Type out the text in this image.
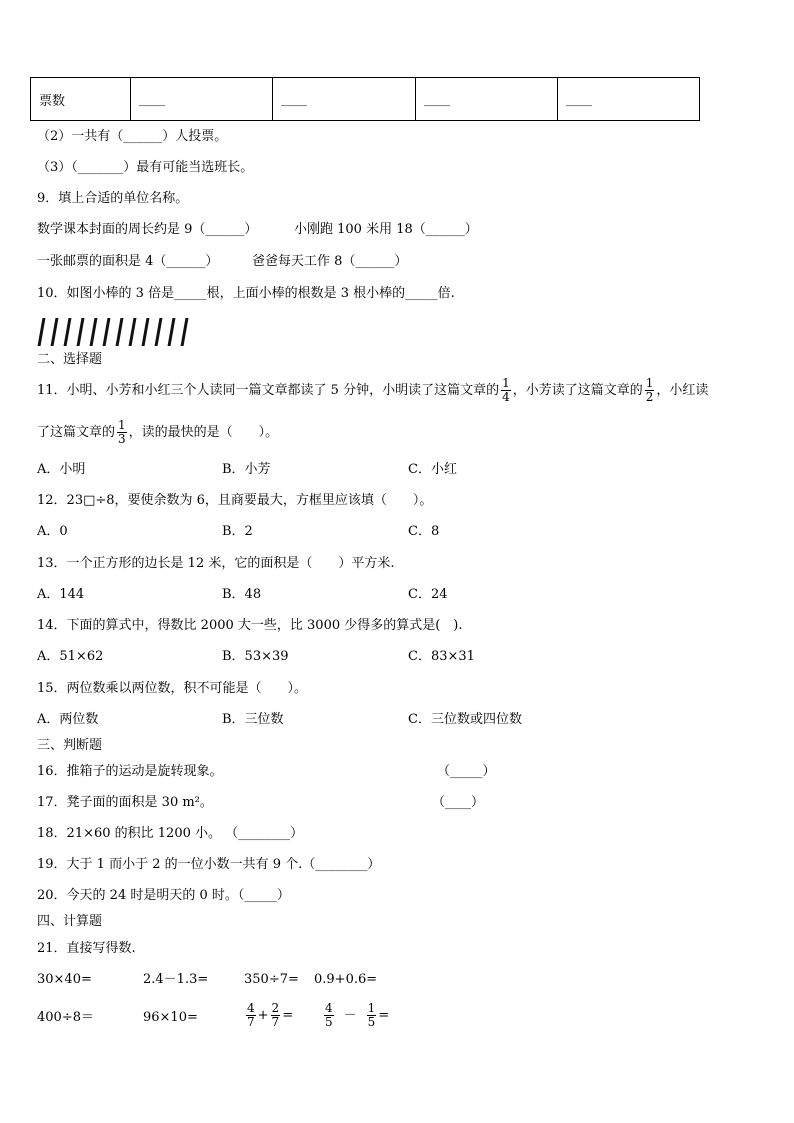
票数	____	____	____	____
（2）一共有（______）人投票。
（3）（_______）最有可能当选班长。
9．填上合适的单位名称。
数学课本封面的周长约是 9（______）	小刚跑 100 米用 18（______）
一张邮票的面积是 4（______）	爸爸每天工作 8（______）
10．如图小棒的 3 倍是_____根，上面小棒的根数是 3 根小棒的_____倍.
二、选择题
11．小明、小芳和小红三个人读同一篇文章都读了 5 分钟，小明读了这篇文章的 $\frac{1}{4}$ ，小芳读了这篇文章的 $\frac{1}{2}$ ，小红读
了这篇文章的 $\frac{1}{3}$ ，读的最快的是（　　）。
A．小明	B．小芳	C．小红
12．23□÷8，要使余数为 6，且商要最大，方框里应该填（　　）。
A．0	B．2	C．8
13．一个正方形的边长是 12 米，它的面积是（　　）平方米.
A．144	B．48	C．24
14．下面的算式中，得数比 2000 大一些，比 3000 少得多的算式是(　).
A．51×62	B．53×39	C．83×31
15．两位数乘以两位数，积不可能是（　　）。
A．两位数	B．三位数	C．三位数或四位数
三、判断题
16．推箱子的运动是旋转现象。	（_____）
17．凳子面的面积是 30 m²。	（____）
18．21×60 的积比 1200 小。 （________）
19．大于 1 而小于 2 的一位小数一共有 9 个.（________）
20．今天的 24 时是明天的 0 时。（_____）
四、计算题
21．直接写得数.
30×40=	2.4－1.3=	350÷7= 0.9+0.6=
400÷8＝	96×10=	$\frac{4}{7} + \frac{2}{7}$ =	$\frac{4}{5} - \frac{1}{5}$ =
